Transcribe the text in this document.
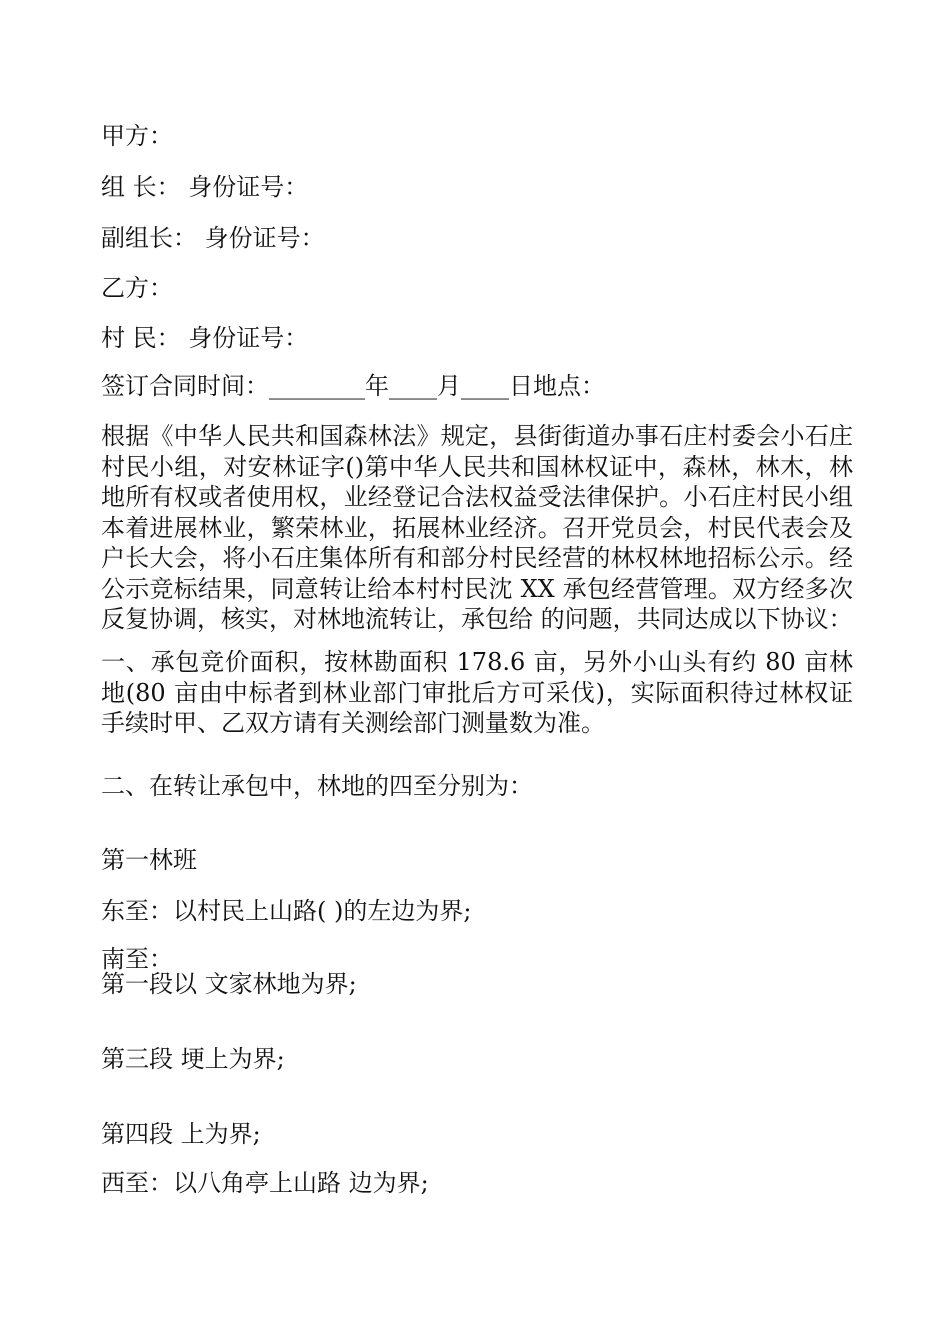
甲方：
组 长： 身份证号：
副组长： 身份证号：
乙方：
村 民： 身份证号：
签订合同时间：________年____月____日地点：
根据《中华人民共和国森林法》规定，县街街道办事石庄村委会小石庄村民小组，对安林证字()第中华人民共和国林权证中，森林，林木，林地所有权或者使用权，业经登记合法权益受法律保护。小石庄村民小组本着进展林业，繁荣林业，拓展林业经济。召开党员会，村民代表会及户长大会，将小石庄集体所有和部分村民经营的林权林地招标公示。经公示竞标结果，同意转让给本村村民沈 XX 承包经营管理。双方经多次反复协调，核实，对林地流转让，承包给 的问题，共同达成以下协议：
一、承包竞价面积，按林勘面积 178.6 亩，另外小山头有约 80 亩林地(80 亩由中标者到林业部门审批后方可采伐)，实际面积待过林权证手续时甲、乙双方请有关测绘部门测量数为准。
二、在转让承包中，林地的四至分别为：
第一林班
东至：以村民上山路( )的左边为界;
南至：
第一段以 文家林地为界;
第三段 埂上为界;
第四段 上为界;
西至：以八角亭上山路 边为界;
